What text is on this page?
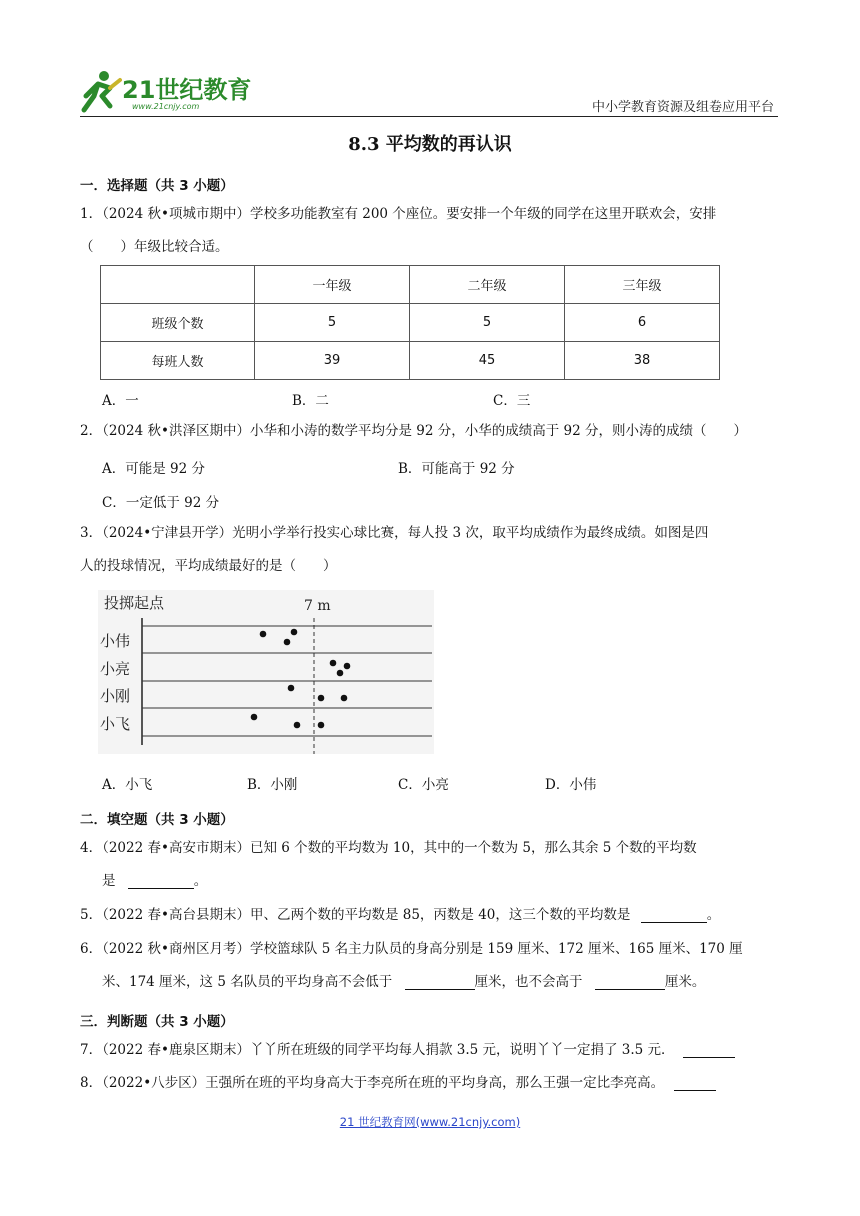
21世纪教育
www.21cnjy.com	中小学教育资源及组卷应用平台
8.3 平均数的再认识
一．选择题（共 3 小题）
1．（2024 秋•项城市期中）学校多功能教室有 200 个座位。要安排一个年级的同学在这里开联欢会，安排
（　　）年级比较合适。
	一年级	二年级	三年级
班级个数	5	5	6
每班人数	39	45	38
A．一	B．二	C．三
2．（2024 秋•洪泽区期中）小华和小涛的数学平均分是 92 分，小华的成绩高于 92 分，则小涛的成绩（　　）
A．可能是 92 分	B．可能高于 92 分
C．一定低于 92 分
3．（2024•宁津县开学）光明小学举行投实心球比赛，每人投 3 次，取平均成绩作为最终成绩。如图是四
人的投球情况，平均成绩最好的是（　　）
投掷起点	7 m
小伟
小亮
小刚
小飞
A．小飞	B．小刚	C．小亮	D．小伟
二．填空题（共 3 小题）
4．（2022 春•高安市期末）已知 6 个数的平均数为 10，其中的一个数为 5，那么其余 5 个数的平均数
是	。
5．（2022 春•高台县期末）甲、乙两个数的平均数是 85，丙数是 40，这三个数的平均数是	。
6．（2022 秋•商州区月考）学校篮球队 5 名主力队员的身高分别是 159 厘米、172 厘米、165 厘米、170 厘
米、174 厘米，这 5 名队员的平均身高不会低于	厘米，也不会高于	厘米。
三．判断题（共 3 小题）
7．（2022 春•鹿泉区期末）丫丫所在班级的同学平均每人捐款 3.5 元，说明丫丫一定捐了 3.5 元．
8．（2022•八步区）王强所在班的平均身高大于李亮所在班的平均身高，那么王强一定比李亮高。
21 世纪教育网(www.21cnjy.com)
